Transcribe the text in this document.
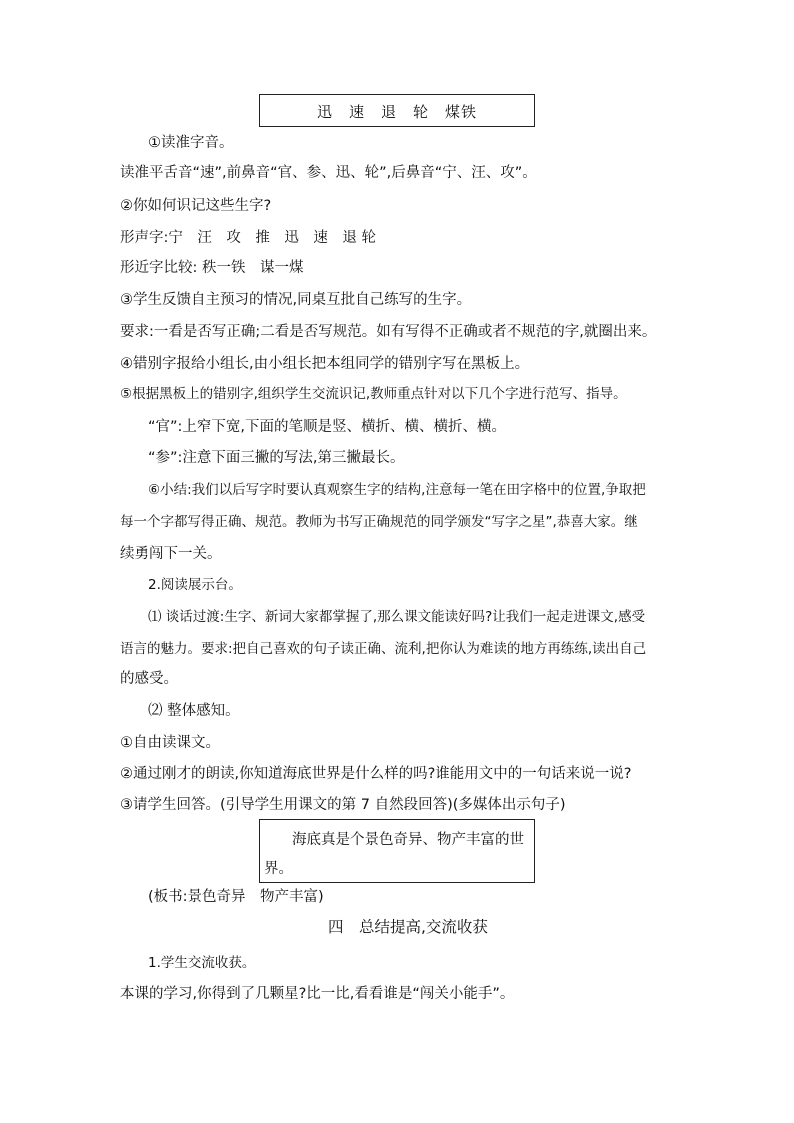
迅　速　退　轮　煤铁
①读准字音。
读准平舌音“速”,前鼻音“官、参、迅、轮”,后鼻音“宁、汪、攻”。
②你如何识记这些生字?
形声字:宁　汪　攻　推　迅　速　退 轮
形近字比较: 秩一铁　谋一煤
③学生反馈自主预习的情况,同桌互批自己练写的生字。
要求:一看是否写正确;二看是否写规范。如有写得不正确或者不规范的字,就圈出来。
④错别字报给小组长,由小组长把本组同学的错别字写在黑板上。
⑤根据黑板上的错别字,组织学生交流识记,教师重点针对以下几个字进行范写、指导。
“官”:上窄下宽,下面的笔顺是竖、横折、横、横折、横。
“参”:注意下面三撇的写法,第三撇最长。
⑥小结:我们以后写字时要认真观察生字的结构,注意每一笔在田字格中的位置,争取把
每一个字都写得正确、规范。教师为书写正确规范的同学颁发“写字之星”,恭喜大家。继
续勇闯下一关。
2.阅读展示台。
⑴ 谈话过渡:生字、新词大家都掌握了,那么课文能读好吗?让我们一起走进课文,感受
语言的魅力。要求:把自己喜欢的句子读正确、流利,把你认为难读的地方再练练,读出自己
的感受。
⑵ 整体感知。
①自由读课文。
②通过刚才的朗读,你知道海底世界是什么样的吗?谁能用文中的一句话来说一说?
③请学生回答。(引导学生用课文的第 7 自然段回答)(多媒体出示句子)
海底真是个景色奇异、物产丰富的世
界。
(板书:景色奇异　物产丰富)
四　总结提高,交流收获
1.学生交流收获。
本课的学习,你得到了几颗星?比一比,看看谁是“闯关小能手”。
